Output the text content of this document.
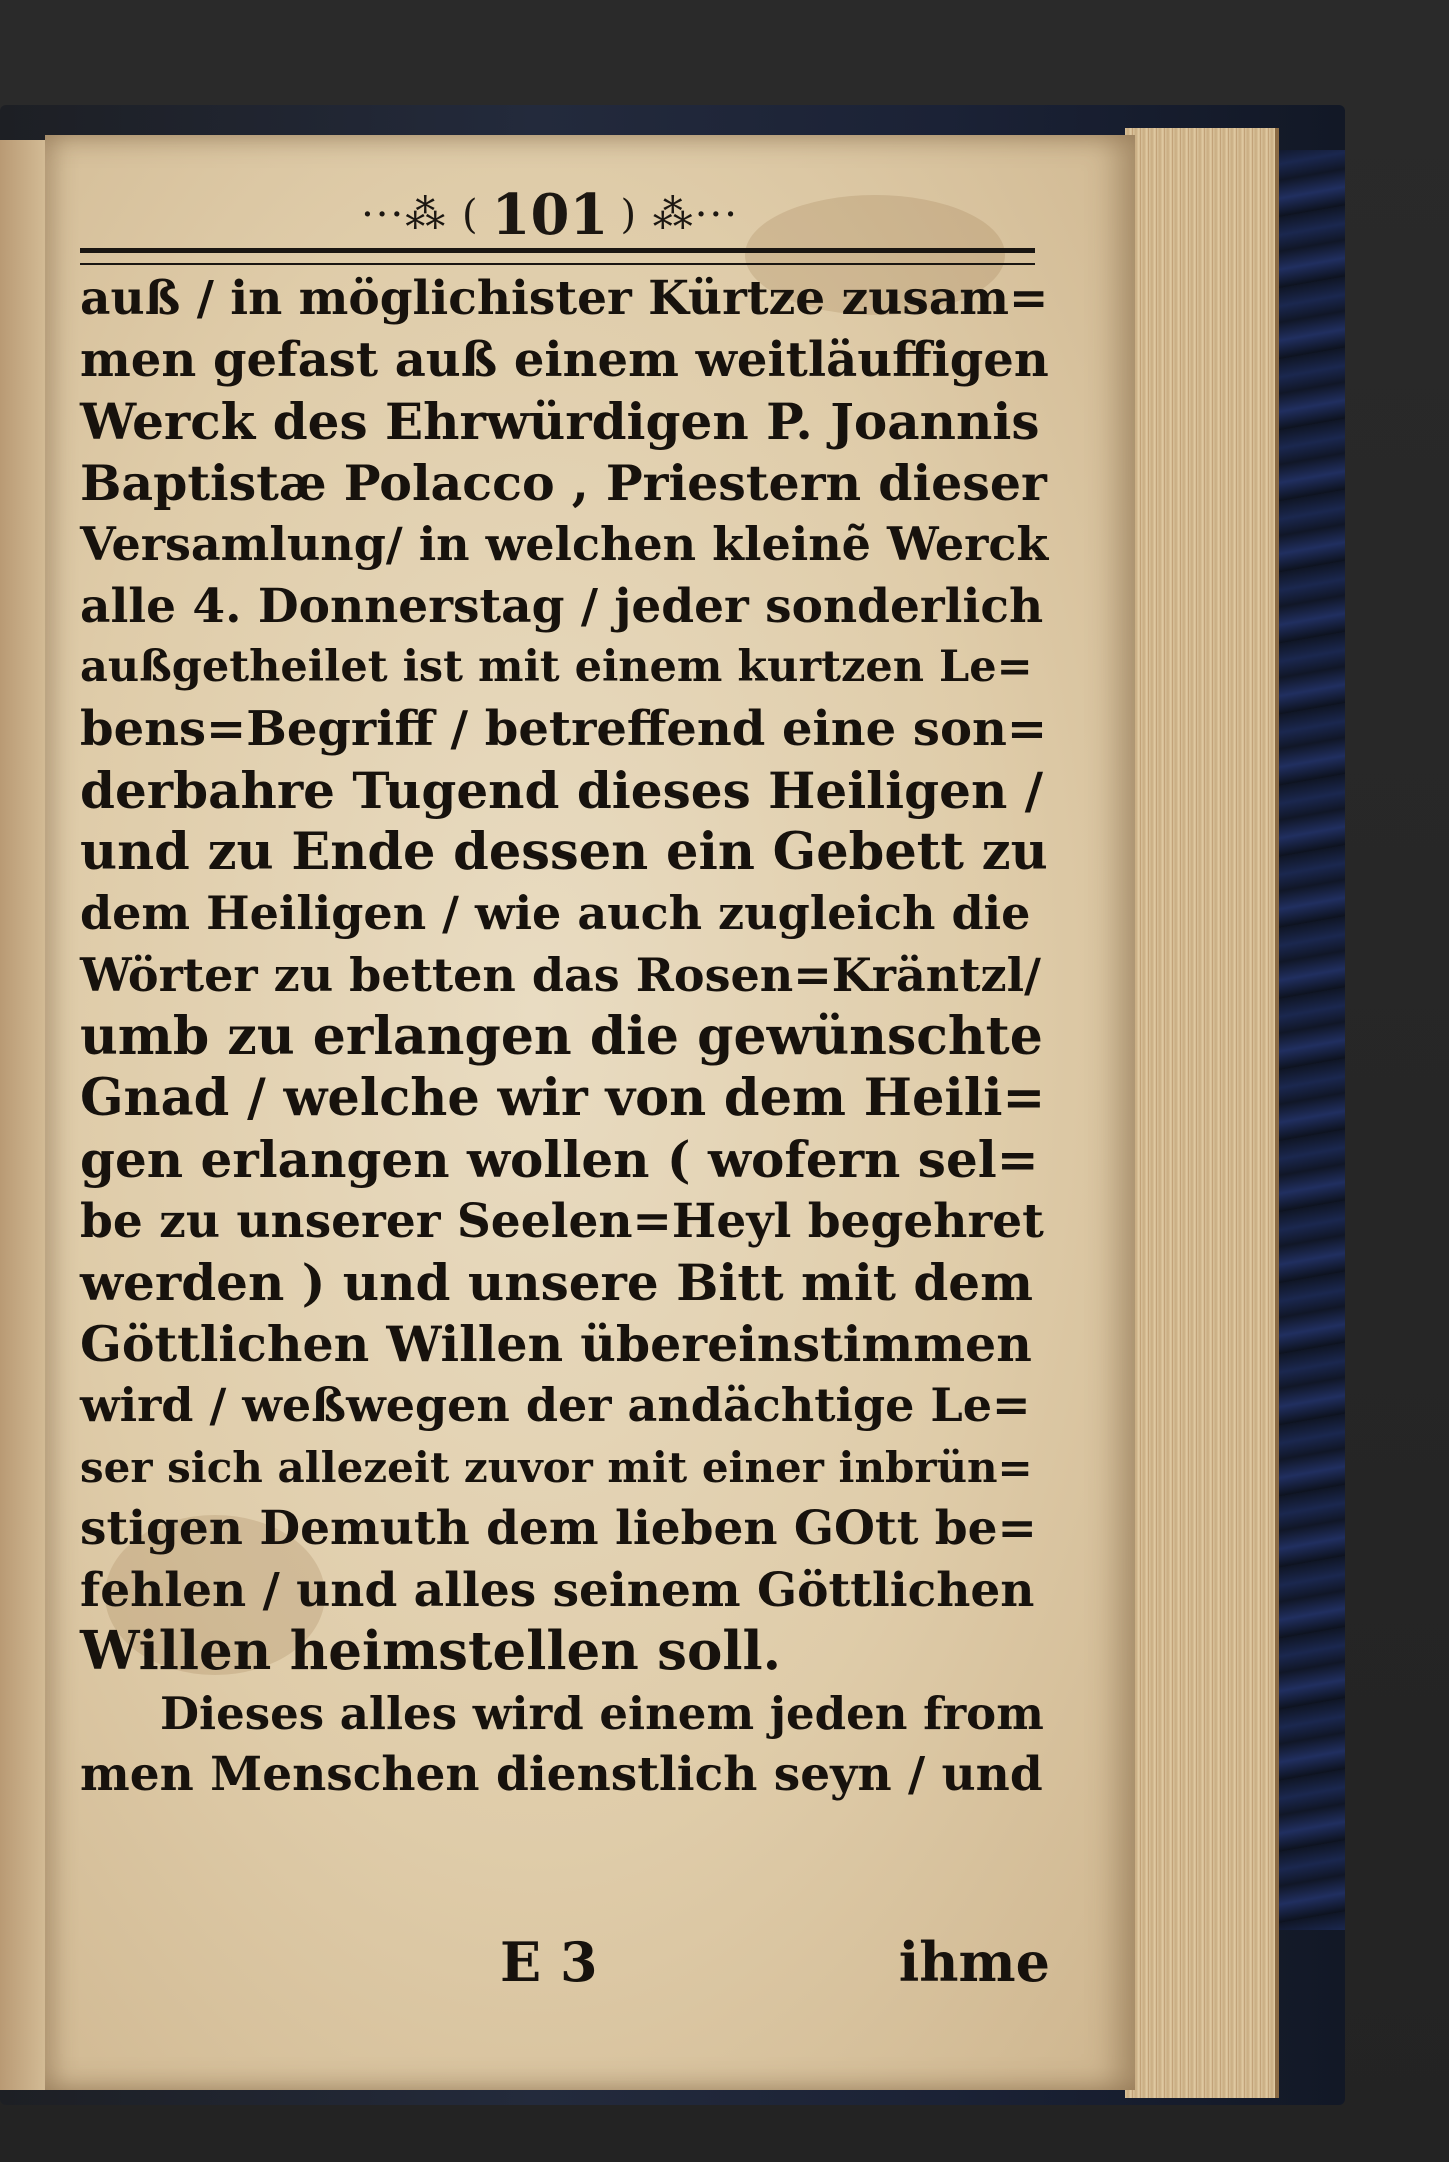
···⁂ ( 101 ) ⁂···
auß / in möglichister Kürtze zusam=
men gefast auß einem weitläuffigen
Werck des Ehrwürdigen P. Joannis
Baptistæ Polacco , Priestern dieser
Versamlung/ in welchen kleinẽ Werck
alle 4. Donnerstag / jeder sonderlich
außgetheilet ist mit einem kurtzen Le=
bens=Begriff / betreffend eine son=
derbahre Tugend dieses Heiligen /
und zu Ende dessen ein Gebett zu
dem Heiligen / wie auch zugleich die
Wörter zu betten das Rosen=Kräntzl/
umb zu erlangen die gewünschte
Gnad / welche wir von dem Heili=
gen erlangen wollen ( wofern sel=
be zu unserer Seelen=Heyl begehret
werden ) und unsere Bitt mit dem
Göttlichen Willen übereinstimmen
wird / weßwegen der andächtige Le=
ser sich allezeit zuvor mit einer inbrün=
stigen Demuth dem lieben GOtt be=
fehlen / und alles seinem Göttlichen
Willen heimstellen soll.
Dieses alles wird einem jeden from
men Menschen dienstlich seyn / und
E 3	ihme
